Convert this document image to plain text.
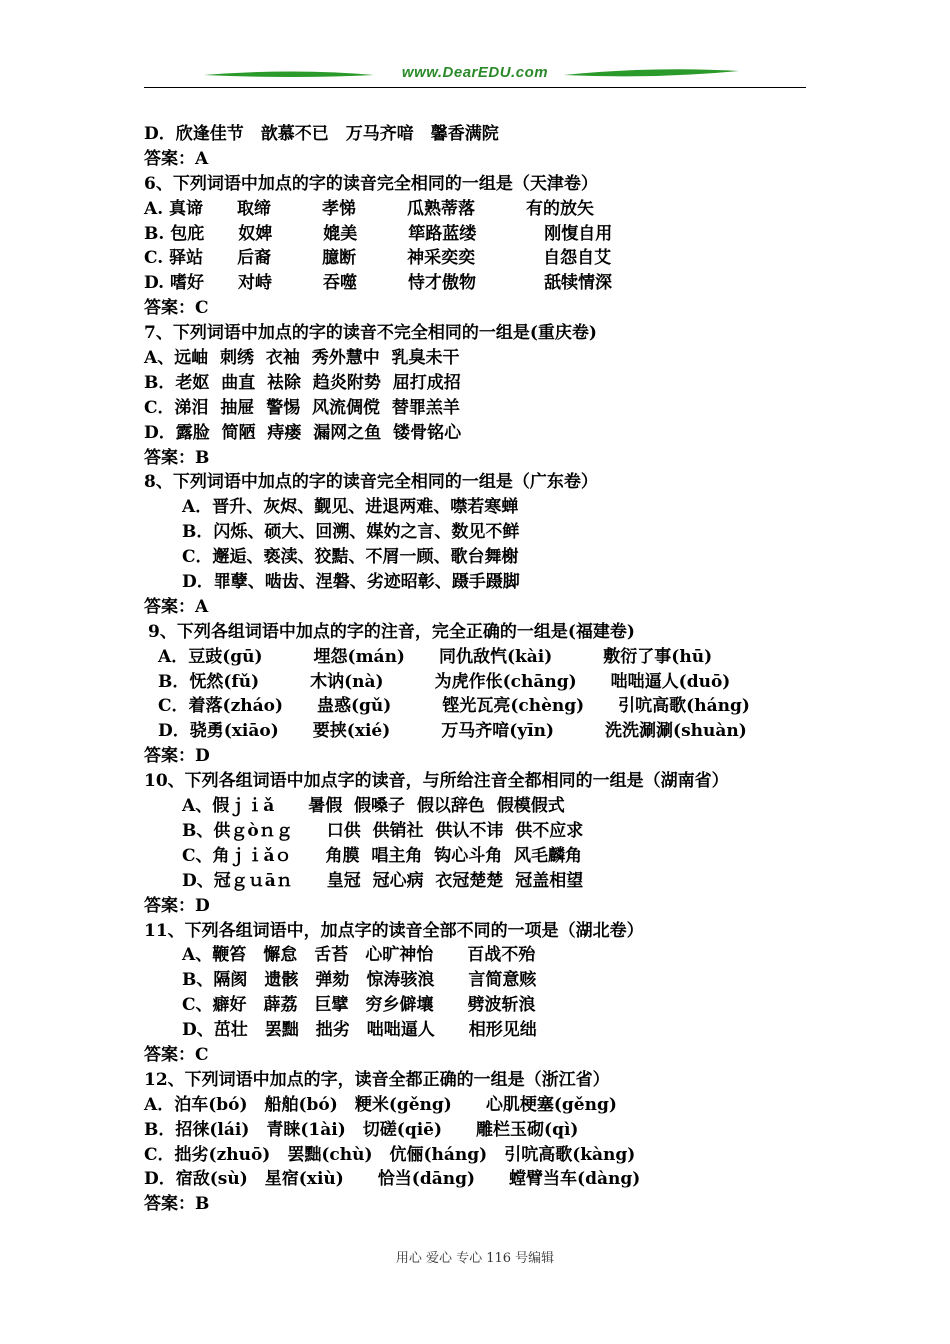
www.DearEDU.com
D．欣逢佳节　歆慕不已　万马齐喑　馨香满院
答案：A
6、下列词语中加点的字的读音完全相同的一组是（天津卷）
A. 真谛　　取缔　　　孝悌　　　瓜熟蒂落　　　有的放矢
B. 包庇　　奴婢　　　媲美　　　筚路蓝缕　　　　刚愎自用
C. 驿站　　后裔　　　臆断　　　神采奕奕　　　　自怨自艾
D. 嗜好　　对峙　　　吞噬　　　恃才傲物　　　　舐犊情深
答案：C
7、下列词语中加点的字的读音不完全相同的一组是(重庆卷)
A、远岫  刺绣  衣袖  秀外慧中  乳臭未干
B．老妪  曲直  袪除  趋炎附势  屈打成招
C．涕泪  抽屉  警惕  风流倜傥  替罪羔羊
D．露脸  简陋  痔瘘  漏网之鱼  镂骨铭心
答案：B
8、下列词语中加点的字的读音完全相同的一组是（广东卷）
A．晋升、灰烬、觐见、进退两难、噤若寒蝉
B．闪烁、硕大、回溯、媒妁之言、数见不鲜
C．邂逅、亵渎、狡黠、不屑一顾、歌台舞榭
D．罪孽、啮齿、涅磐、劣迹昭彰、蹑手蹑脚
答案：A
9、下列各组词语中加点的字的注音，完全正确的一组是(福建卷)
A．豆豉(gū)　　　埋怨(mán)　　同仇敌忾(kài)　　　敷衍了事(hū)
B．怃然(fǔ)　　　木讷(nà)　　　为虎作伥(chāng)　　咄咄逼人(duō)
C．着落(zháo)　　蛊惑(gǔ)　　　铿光瓦亮(chèng)　　引吭高歌(háng)
D．骁勇(xiāo)　　要挟(xié)　　　万马齐喑(yīn)　　　洗洗涮涮(shuàn)
答案：D
10、下列各组词语中加点字的读音，与所给注音全都相同的一组是（湖南省）
A、假ｊｉǎ　　暑假  假嗓子  假以辞色  假模假式
B、供ｇòｎｇ　　口供  供销社  供认不讳  供不应求
C、角ｊｉǎｏ　　角膜  唱主角  钩心斗角  风毛麟角
D、冠ｇｕāｎ　　皇冠  冠心病  衣冠楚楚  冠盖相望
答案：D
11、下列各组词语中，加点字的读音全部不同的一项是（湖北卷）
A、鞭笞　懈怠　舌苔　心旷神怡　　百战不殆
B、隔阂　遗骸　弹劾　惊涛骇浪　　言简意赅
C、癖好　薜荔　巨擘　穷乡僻壤　　劈波斩浪
D、茁壮　罢黜　拙劣　咄咄逼人　　相形见绌
答案：C
12、下列词语中加点的字，读音全都正确的一组是（浙江省）
A．泊车(bó)　船舶(bó)　粳米(gěng)　　心肌梗塞(gěng)
B．招徕(lái)　青睐(1ài)　切磋(qiē)　　雕栏玉砌(qì)
C．拙劣(zhuō)　罢黜(chù)　伉俪(háng)　引吭高歌(kàng)
D．宿敌(sù)　星宿(xiù)　　恰当(dāng)　　螳臂当车(dàng)
答案：B
用心 爱心 专心 116 号编辑
